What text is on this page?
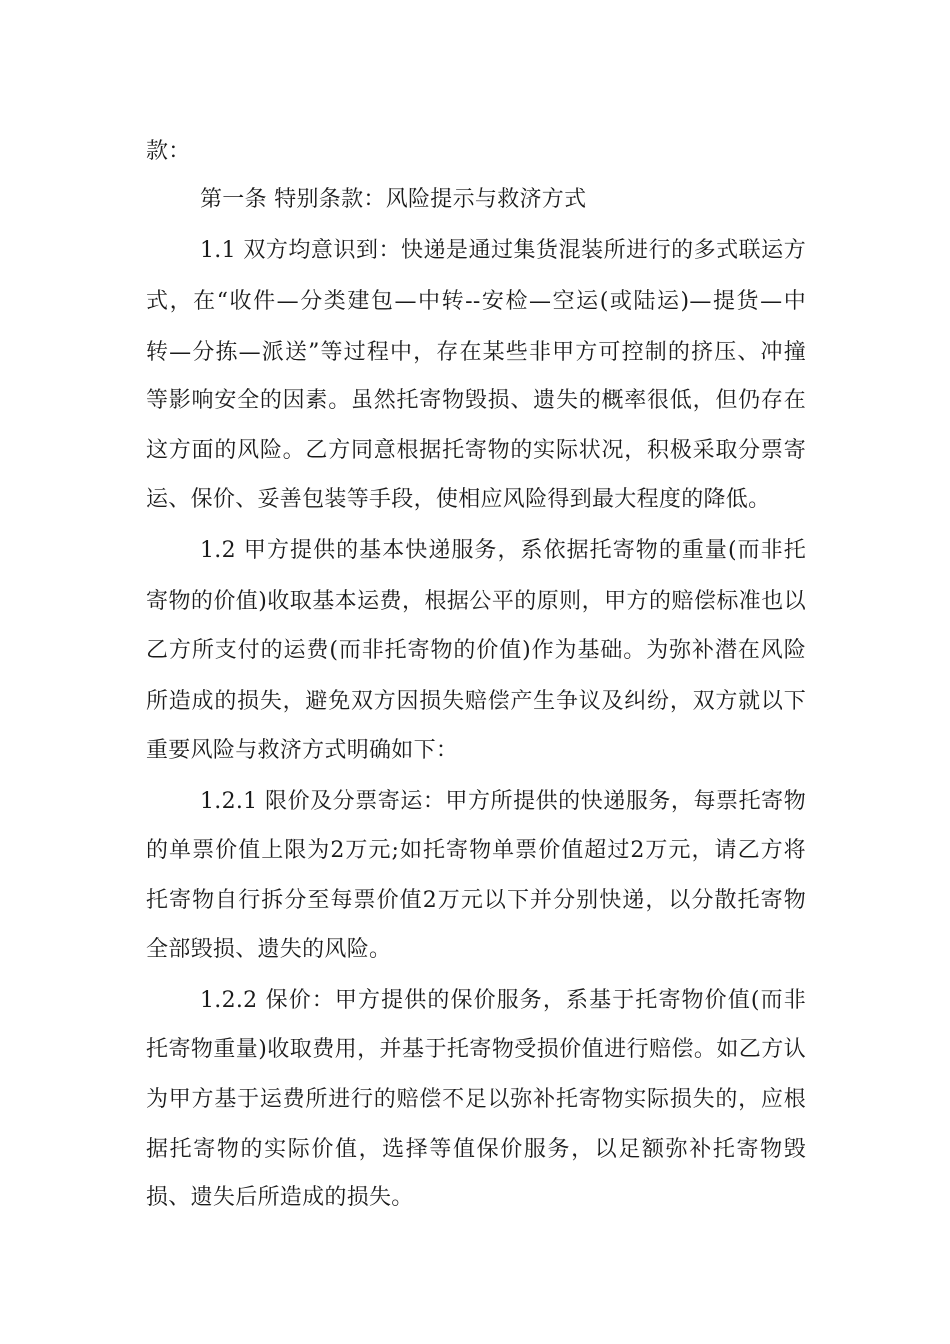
款：
第一条 特别条款：风险提示与救济方式
1.1 双方均意识到：快递是通过集货混装所进行的多式联运方
式，在“收件—分类建包—中转--安检—空运(或陆运)—提货—中
转—分拣—派送”等过程中，存在某些非甲方可控制的挤压、冲撞
等影响安全的因素。虽然托寄物毁损、遗失的概率很低，但仍存在
这方面的风险。乙方同意根据托寄物的实际状况，积极采取分票寄
运、保价、妥善包装等手段，使相应风险得到最大程度的降低。
1.2 甲方提供的基本快递服务，系依据托寄物的重量(而非托
寄物的价值)收取基本运费，根据公平的原则，甲方的赔偿标准也以
乙方所支付的运费(而非托寄物的价值)作为基础。为弥补潜在风险
所造成的损失，避免双方因损失赔偿产生争议及纠纷，双方就以下
重要风险与救济方式明确如下：
1.2.1 限价及分票寄运：甲方所提供的快递服务，每票托寄物
的单票价值上限为2万元;如托寄物单票价值超过2万元，请乙方将
托寄物自行拆分至每票价值2万元以下并分别快递，以分散托寄物
全部毁损、遗失的风险。
1.2.2 保价：甲方提供的保价服务，系基于托寄物价值(而非
托寄物重量)收取费用，并基于托寄物受损价值进行赔偿。如乙方认
为甲方基于运费所进行的赔偿不足以弥补托寄物实际损失的，应根
据托寄物的实际价值，选择等值保价服务，以足额弥补托寄物毁
损、遗失后所造成的损失。
